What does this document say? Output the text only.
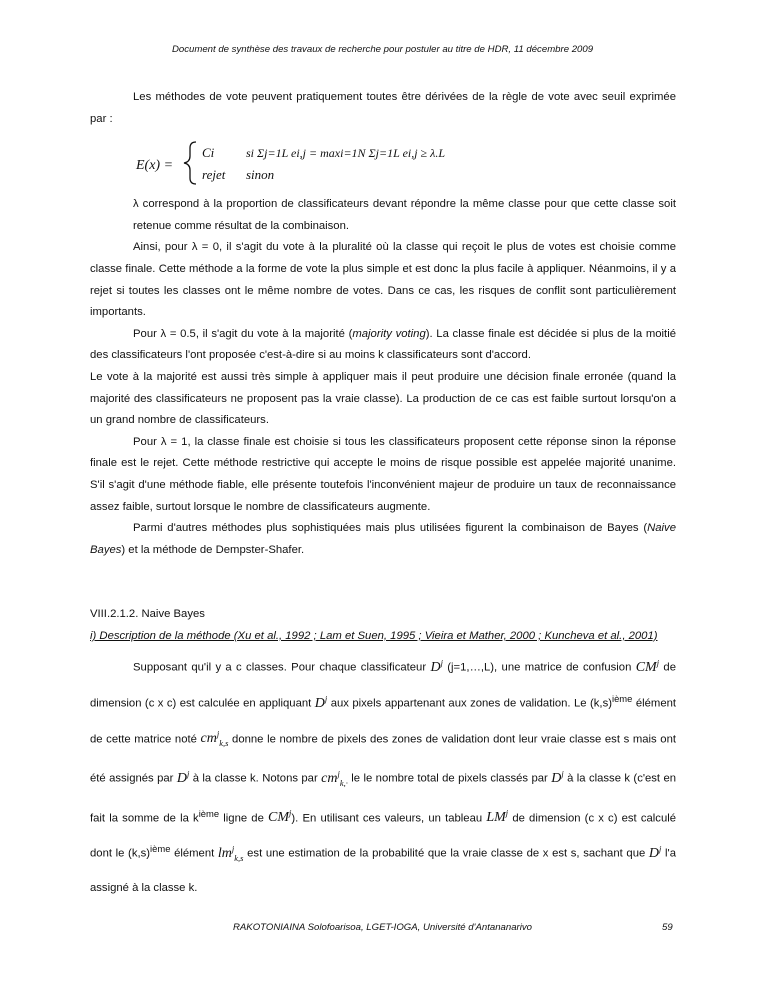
Document de synthèse des travaux de recherche pour postuler au titre de HDR, 11 décembre 2009

Les méthodes de vote peuvent pratiquement toutes être dérivées de la règle de vote avec seuil exprimée par :

E(x) =
Ci	si Σj=1L ei,j = maxi=1N Σj=1L ei,j ≥ λ.L
rejet sinon

λ correspond à la proportion de classificateurs devant répondre la même classe pour que cette classe soit retenue comme résultat de la combinaison.

Ainsi, pour λ = 0, il s'agit du vote à la pluralité où la classe qui reçoit le plus de votes est choisie comme classe finale. Cette méthode a la forme de vote la plus simple et est donc la plus facile à appliquer. Néanmoins, il y a rejet si toutes les classes ont le même nombre de votes. Dans ce cas, les risques de conflit sont particulièrement importants.

Pour λ = 0.5, il s'agit du vote à la majorité (majority voting). La classe finale est décidée si plus de la moitié des classificateurs l'ont proposée c'est-à-dire si au moins k classificateurs sont d'accord.

Le vote à la majorité est aussi très simple à appliquer mais il peut produire une décision finale erronée (quand la majorité des classificateurs ne proposent pas la vraie classe). La production de ce cas est faible surtout lorsqu'on a un grand nombre de classificateurs.

Pour λ = 1, la classe finale est choisie si tous les classificateurs proposent cette réponse sinon la réponse finale est le rejet. Cette méthode restrictive qui accepte le moins de risque possible est appelée majorité unanime. S'il s'agit d'une méthode fiable, elle présente toutefois l'inconvénient majeur de produire un taux de reconnaissance assez faible, surtout lorsque le nombre de classificateurs augmente.

Parmi d'autres méthodes plus sophistiquées mais plus utilisées figurent la combinaison de Bayes (Naive Bayes) et la méthode de Dempster-Shafer.

VIII.2.1.2. Naive Bayes

i) Description de la méthode (Xu et al., 1992 ; Lam et Suen, 1995 ; Vieira et Mather, 2000 ; Kuncheva et al., 2001)

Supposant qu'il y a c classes. Pour chaque classificateur $D^j$ (j=1,…,L), une matrice de confusion $CM^j$ de dimension (c x c) est calculée en appliquant $D^j$ aux pixels appartenant aux zones de validation. Le $(k,s)^{ième}$ élément de cette matrice noté $cm^j_{k,s}$ donne le nombre de pixels des zones de validation dont leur vraie classe est s mais ont été assignés par $D^j$ à la classe k. Notons par $cm^j_{k,\cdot}$ le le nombre total de pixels classés par $D^j$ à la classe k (c'est en fait la somme de la $k^{ième}$ ligne de $CM^j$). En utilisant ces valeurs, un tableau $LM^j$ de dimension (c x c) est calculé dont le $(k,s)^{ième}$ élément $lm^j_{k,s}$ est une estimation de la probabilité que la vraie classe de x est s, sachant que $D^j$ l'a assigné à la classe k.

RAKOTONIAINA Solofoarisoa, LGET-IOGA, Université d'Antananarivo	59
